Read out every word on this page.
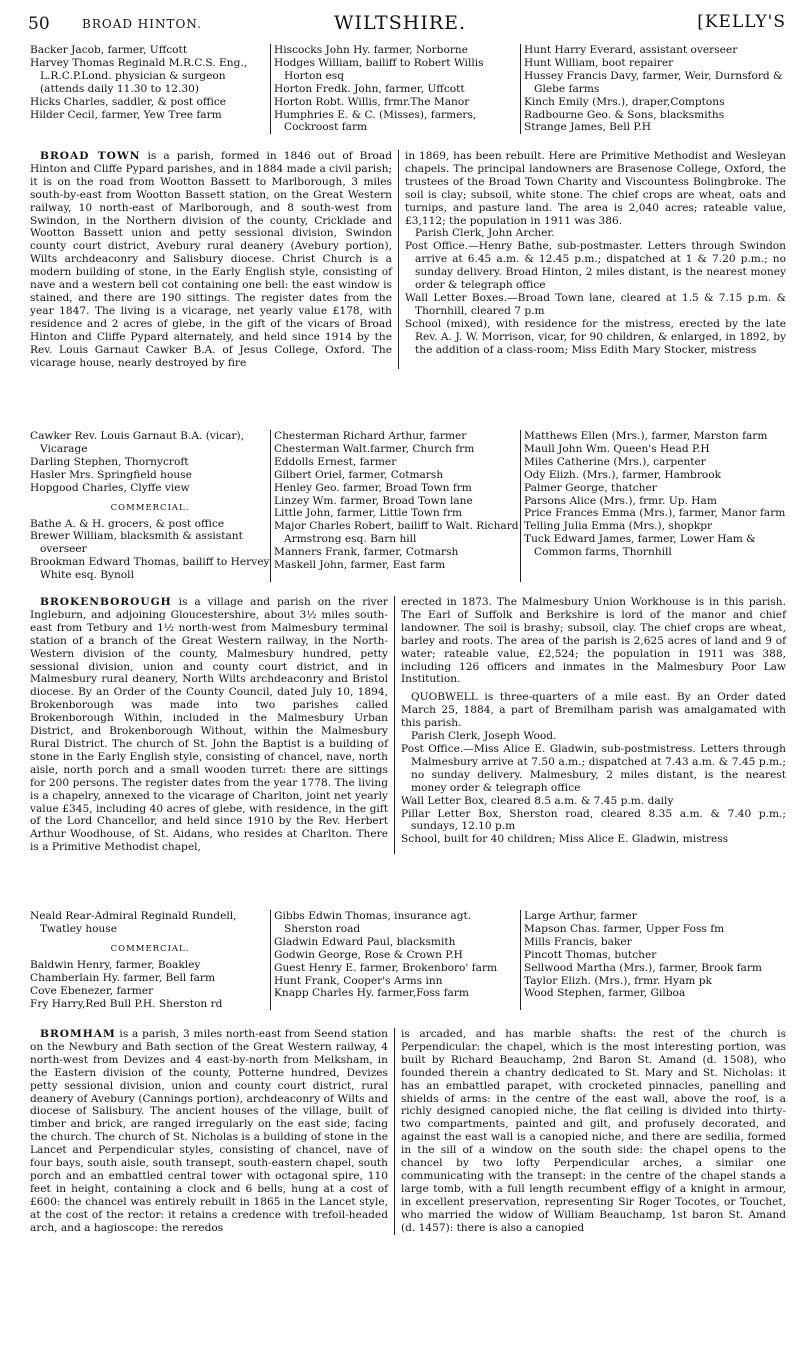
50	BROAD HINTON.	WILTSHIRE.	[KELLY'S
Backer Jacob, farmer, Uffcott
Harvey Thomas Reginald M.R.C.S. Eng., L.R.C.P.Lond. physician & surgeon (attends daily 11.30 to 12.30)
Hicks Charles, saddler, & post office
Hilder Cecil, farmer, Yew Tree farm
Hiscocks John Hy. farmer, Norborne
Hodges William, bailiff to Robert Willis Horton esq
Horton Fredk. John, farmer, Uffcott
Horton Robt. Willis, frmr.The Manor
Humphries E. & C. (Misses), farmers, Cockroost farm
Hunt Harry Everard, assistant overseer
Hunt William, boot repairer
Hussey Francis Davy, farmer, Weir, Durnsford & Glebe farms
Kinch Emily (Mrs.), draper,Comptons
Radbourne Geo. & Sons, blacksmiths
Strange James, Bell P.H

BROAD TOWN is a parish, formed in 1846 out of Broad Hinton and Cliffe Pypard parishes, and in 1884 made a civil parish; it is on the road from Wootton Bassett to Marlborough, 3 miles south-by-east from Wootton Bassett station, on the Great Western railway, 10 north-east of Marlborough, and 8 south-west from Swindon, in the Northern division of the county, Cricklade and Wootton Bassett union and petty sessional division, Swindon county court district, Avebury rural deanery (Avebury portion), Wilts archdeaconry and Salisbury diocese. Christ Church is a modern building of stone, in the Early English style, consisting of nave and a western bell cot containing one bell: the east window is stained, and there are 190 sittings. The register dates from the year 1847. The living is a vicarage, net yearly value £178, with residence and 2 acres of glebe, in the gift of the vicars of Broad Hinton and Cliffe Pypard alternately, and held since 1914 by the Rev. Louis Garnaut Cawker B.A. of Jesus College, Oxford. The vicarage house, nearly destroyed by fire

in 1869, has been rebuilt. Here are Primitive Methodist and Wesleyan chapels. The principal landowners are Brasenose College, Oxford, the trustees of the Broad Town Charity and Viscountess Bolingbroke. The soil is clay; subsoil, white stone. The chief crops are wheat, oats and turnips, and pasture land. The area is 2,040 acres; rateable value, £3,112; the population in 1911 was 386.

Parish Clerk, John Archer.

Post Office.—Henry Bathe, sub-postmaster. Letters through Swindon arrive at 6.45 a.m. & 12.45 p.m.; dispatched at 1 & 7.20 p.m.; no sunday delivery. Broad Hinton, 2 miles distant, is the nearest money order & telegraph office

Wall Letter Boxes.—Broad Town lane, cleared at 1.5 & 7.15 p.m. & Thornhill, cleared 7 p.m

School (mixed), with residence for the mistress, erected by the late Rev. A. J. W. Morrison, vicar, for 90 children, & enlarged, in 1892, by the addition of a class-room; Miss Edith Mary Stocker, mistress

Cawker Rev. Louis Garnaut B.A. (vicar), Vicarage
Darling Stephen, Thornycroft
Hasler Mrs. Springfield house
Hopgood Charles, Clyffe view
COMMERCIAL.
Bathe A. & H. grocers, & post office
Brewer William, blacksmith & assistant overseer
Brookman Edward Thomas, bailiff to Hervey White esq. Bynoll
Chesterman Richard Arthur, farmer
Chesterman Walt.farmer, Church frm
Eddolls Ernest, farmer
Gilbert Oriel, farmer, Cotmarsh
Henley Geo. farmer, Broad Town frm
Linzey Wm. farmer, Broad Town lane
Little John, farmer, Little Town frm
Major Charles Robert, bailiff to Walt. Richard Armstrong esq. Barn hill
Manners Frank, farmer, Cotmarsh
Maskell John, farmer, East farm
Matthews Ellen (Mrs.), farmer, Marston farm
Maull John Wm. Queen's Head P.H
Miles Catherine (Mrs.), carpenter
Ody Elizh. (Mrs.), farmer, Hambrook
Palmer George, thatcher
Parsons Alice (Mrs.), frmr. Up. Ham
Price Frances Emma (Mrs.), farmer, Manor farm
Telling Julia Emma (Mrs.), shopkpr
Tuck Edward James, farmer, Lower Ham & Common farms, Thornhill

BROKENBOROUGH is a village and parish on the river Ingleburn, and adjoining Gloucestershire, about 3½ miles south-east from Tetbury and 1½ north-west from Malmesbury terminal station of a branch of the Great Western railway, in the North-Western division of the county, Malmesbury hundred, petty sessional division, union and county court district, and in Malmesbury rural deanery, North Wilts archdeaconry and Bristol diocese. By an Order of the County Council, dated July 10, 1894, Brokenborough was made into two parishes called Brokenborough Within, included in the Malmesbury Urban District, and Brokenborough Without, within the Malmesbury Rural District. The church of St. John the Baptist is a building of stone in the Early English style, consisting of chancel, nave, north aisle, north porch and a small wooden turret: there are sittings for 200 persons. The register dates from the year 1778. The living is a chapelry, annexed to the vicarage of Charlton, joint net yearly value £345, including 40 acres of glebe, with residence, in the gift of the Lord Chancellor, and held since 1910 by the Rev. Herbert Arthur Woodhouse, of St. Aidans, who resides at Charlton. There is a Primitive Methodist chapel,

erected in 1873. The Malmesbury Union Workhouse is in this parish. The Earl of Suffolk and Berkshire is lord of the manor and chief landowner. The soil is brashy; subsoil, clay. The chief crops are wheat, barley and roots. The area of the parish is 2,625 acres of land and 9 of water; rateable value, £2,524; the population in 1911 was 388, including 126 officers and inmates in the Malmesbury Poor Law Institution.

QUOBWELL is three-quarters of a mile east. By an Order dated March 25, 1884, a part of Bremilham parish was amalgamated with this parish.

Parish Clerk, Joseph Wood.

Post Office.—Miss Alice E. Gladwin, sub-postmistress. Letters through Malmesbury arrive at 7.50 a.m.; dispatched at 7.43 a.m. & 7.45 p.m.; no sunday delivery. Malmesbury, 2 miles distant, is the nearest money order & telegraph office

Wall Letter Box, cleared 8.5 a.m. & 7.45 p.m. daily

Pillar Letter Box, Sherston road, cleared 8.35 a.m. & 7.40 p.m.; sundays, 12.10 p.m

School, built for 40 children; Miss Alice E. Gladwin, mistress

Neald Rear-Admiral Reginald Rundell, Twatley house
COMMERCIAL.
Baldwin Henry, farmer, Boakley
Chamberlain Hy. farmer, Bell farm
Cove Ebenezer, farmer
Fry Harry,Red Bull P.H. Sherston rd
Gibbs Edwin Thomas, insurance agt. Sherston road
Gladwin Edward Paul, blacksmith
Godwin George, Rose & Crown P.H
Guest Henry E. farmer, Brokenboro' farm
Hunt Frank, Cooper's Arms inn
Knapp Charles Hy. farmer,Foss farm
Large Arthur, farmer
Mapson Chas. farmer, Upper Foss fm
Mills Francis, baker
Pincott Thomas, butcher
Sellwood Martha (Mrs.), farmer, Brook farm
Taylor Elizh. (Mrs.), frmr. Hyam pk
Wood Stephen, farmer, Gilboa

BROMHAM is a parish, 3 miles north-east from Seend station on the Newbury and Bath section of the Great Western railway, 4 north-west from Devizes and 4 east-by-north from Melksham, in the Eastern division of the county, Potterne hundred, Devizes petty sessional division, union and county court district, rural deanery of Avebury (Cannings portion), archdeaconry of Wilts and diocese of Salisbury. The ancient houses of the village, built of timber and brick, are ranged irregularly on the east side, facing the church. The church of St. Nicholas is a building of stone in the Lancet and Perpendicular styles, consisting of chancel, nave of four bays, south aisle, south transept, south-eastern chapel, south porch and an embattled central tower with octagonal spire, 110 feet in height, containing a clock and 6 bells, hung at a cost of £600: the chancel was entirely rebuilt in 1865 in the Lancet style, at the cost of the rector: it retains a credence with trefoil-headed arch, and a hagioscope: the reredos

is arcaded, and has marble shafts: the rest of the church is Perpendicular: the chapel, which is the most interesting portion, was built by Richard Beauchamp, 2nd Baron St. Amand (d. 1508), who founded therein a chantry dedicated to St. Mary and St. Nicholas: it has an embattled parapet, with crocketed pinnacles, panelling and shields of arms: in the centre of the east wall, above the roof, is a richly designed canopied niche, the flat ceiling is divided into thirty-two compartments, painted and gilt, and profusely decorated, and against the east wall is a canopied niche, and there are sedilia, formed in the sill of a window on the south side: the chapel opens to the chancel by two lofty Perpendicular arches, a similar one communicating with the transept: in the centre of the chapel stands a large tomb, with a full length recumbent effigy of a knight in armour, in excellent preservation, representing Sir Roger Tocotes, or Touchet, who married the widow of William Beauchamp, 1st baron St. Amand (d. 1457): there is also a canopied
